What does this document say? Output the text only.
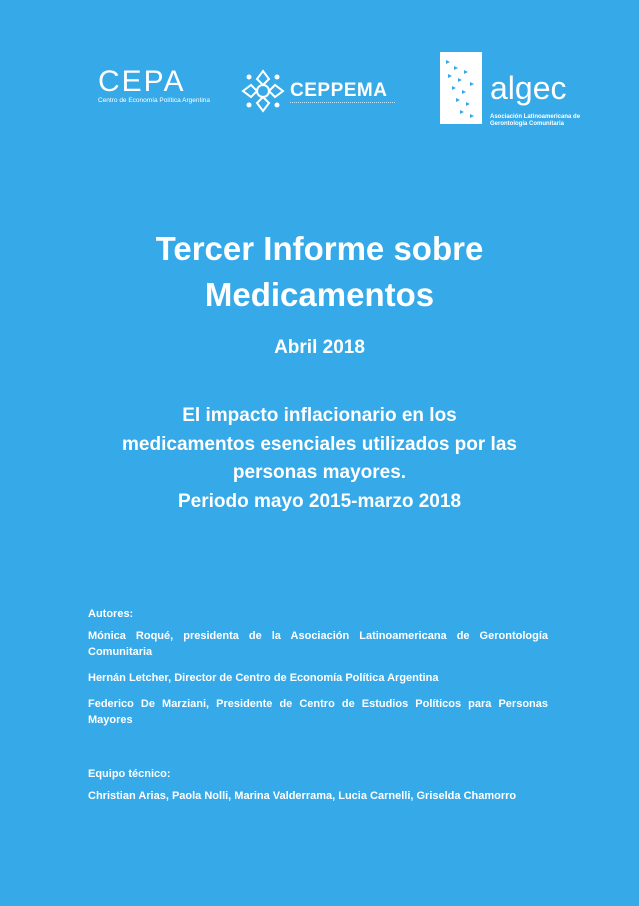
CEPA
Centro de Economía Política Argentina	CEPPEMA	algec
Asociación Latinoamericana de
Gerontología Comunitaria
Tercer Informe sobre
Medicamentos
Abril 2018
El impacto inflacionario en los
medicamentos esenciales utilizados por las
personas mayores.
Periodo mayo 2015-marzo 2018

Autores:

Mónica Roqué, presidenta de la Asociación Latinoamericana de Gerontología Comunitaria

Hernán Letcher, Director de Centro de Economía Política Argentina

Federico De Marziani, Presidente de Centro de Estudios Políticos para Personas Mayores

Equipo técnico:

Christian Arias, Paola Nolli, Marina Valderrama, Lucia Carnelli, Griselda Chamorro
